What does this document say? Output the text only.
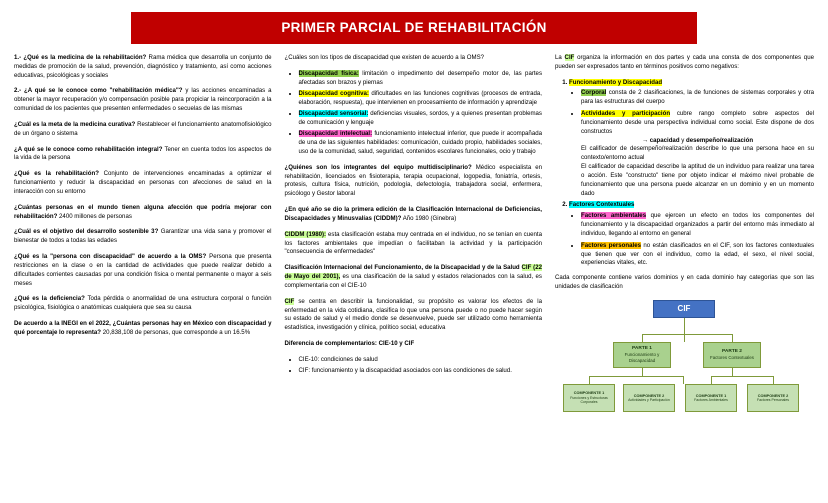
PRIMER PARCIAL DE REHABILITACIÓN

1.- ¿Qué es la medicina de la rehabilitación? Rama médica que desarrolla un conjunto de medidas de promoción de la salud, prevención, diagnóstico y tratamiento, así como acciones educativas, psicológicas y sociales

2.- ¿A qué se le conoce como "rehabilitación médica"? y las acciones encaminadas a obtener la mayor recuperación y/o compensación posible para propiciar la reincorporación a la comunidad de los pacientes que presenten enfermedades o secuelas de las mismas

¿Cuál es la meta de la medicina curativa? Restablecer el funcionamiento anatomofisiológico de un órgano o sistema

¿A qué se le conoce como rehabilitación integral? Tener en cuenta todos los aspectos de la vida de la persona

¿Qué es la rehabilitación? Conjunto de intervenciones encaminadas a optimizar el funcionamiento y reducir la discapacidad en personas con afecciones de salud en la interacción con su entorno

¿Cuántas personas en el mundo tienen alguna afección que podría mejorar con rehabilitación? 2400 millones de personas

¿Cuál es el objetivo del desarrollo sostenible 3? Garantizar una vida sana y promover el bienestar de todos a todas las edades

¿Qué es la "persona con discapacidad" de acuerdo a la OMS? Persona que presenta restricciones en la clase o en la cantidad de actividades que puede realizar debido a dificultades corrientes causadas por una condición física o mental permanente o mayor a seis meses

¿Qué es la deficiencia? Toda pérdida o anormalidad de una estructura corporal o función psicológica, fisiológica o anatómicas cualquiera que sea su causa

De acuerdo a la INEGI en el 2022, ¿Cuántas personas hay en México con discapacidad y qué porcentaje lo representa? 20,838,108 de personas, que corresponde a un 16.5%

¿Cuáles son los tipos de discapacidad que existen de acuerdo a la OMS?

• Discapacidad física: limitación o impedimento del desempeño motor de, las partes afectadas son brazos y piernas
• Discapacidad cognitiva: dificultades en las funciones cognitivas (procesos de entrada, elaboración, respuesta), que intervienen en procesamiento de información y aprendizaje
• Discapacidad sensorial: deficiencias visuales, sordos, y a quienes presentan problemas de comunicación y lenguaje
• Discapacidad intelectual: funcionamiento intelectual inferior, que puede ir acompañada de una de las siguientes habilidades: comunicación, cuidado propio, habilidades sociales, uso de la comunidad, salud, seguridad, contenidos escolares funcionales, ocio y trabajo

¿Quiénes son los integrantes del equipo multidisciplinario? Médico especialista en rehabilitación, licenciados en fisioterapia, terapia ocupacional, logopedia, foniatría, ortesis, protesis, cultura física, nutrición, podología, defectología, trabajadora social, enfermera, psicólogo y Gestor laboral

¿En qué año se dio la primera edición de la Clasificación Internacional de Deficiencias, Discapacidades y Minusvalías (CIDDM)? Año 1980 (Ginebra)

CIDDM (1980): esta clasificación estaba muy centrada en el individuo, no se tenían en cuenta los factores ambientales que impedían o facilitaban la actividad y la participación "consecuencia de enfermedades"

Clasificación Internacional del Funcionamiento, de la Discapacidad y de la Salud CIF (22 de Mayo del 2001), es una clasificación de la salud y estados relacionados con la salud, es complementaria con el CIE-10

CIF se centra en describir la funcionalidad, su propósito es valorar los efectos de la enfermedad en la vida cotidiana, clasifica lo que una persona puede o no puede hacer según su estado de salud y el medio donde se desenvuelve, puede ser utilizado como herramienta estadística, investigación y clínica, político social, educativa

Diferencia de complementarios: CIE-10 y CIF

• CIE-10: condiciones de salud
• CIF: funcionamiento y la discapacidad asociados con las condiciones de salud.

La CIF organiza la información en dos partes y cada una consta de dos componentes que pueden ser expresados tanto en términos positivos como negativos:

1. Funcionamiento y Discapacidad
• Corporal consta de 2 clasificaciones, la de funciones de sistemas corporales y otra para las estructuras del cuerpo
• Actividades y participación cubre rango completo sobre aspectos del funcionamiento desde una perspectiva individual como social. Este dispone de dos constructos
→ capacidad y desempeño/realización
El calificador de desempeño/realización describe lo que una persona hace en su contexto/entorno actual
El calificador de capacidad describe la aptitud de un individuo para realizar una tarea o acción. Este "constructo" tiene por objeto indicar el máximo nivel probable de funcionamiento que una persona puede alcanzar en un dominio y en un momento dado
2. Factores Contextuales
• Factores ambientales que ejercen un efecto en todos los componentes del funcionamiento y la discapacidad organizados a partir del entorno más inmediato al individuo, llegando al entorno en general
• Factores personales no están clasificados en el CIF, son los factores contextuales que tienen que ver con el individuo, como la edad, el sexo, el nivel social, experiencias vitales, etc.

Cada componente contiene varios dominios y en cada dominio hay categorías que son las unidades de clasificación

CIF
PARTE 1
Funcionamiento y Discapacidad
PARTE 2
Factores Contextuales
COMPONENTE 1
Funciones y Estructuras Corporales
COMPONENTE 2
Actividades y Participación
COMPONENTE 1
Factores Ambientales
COMPONENTE 2
Factores Personales
